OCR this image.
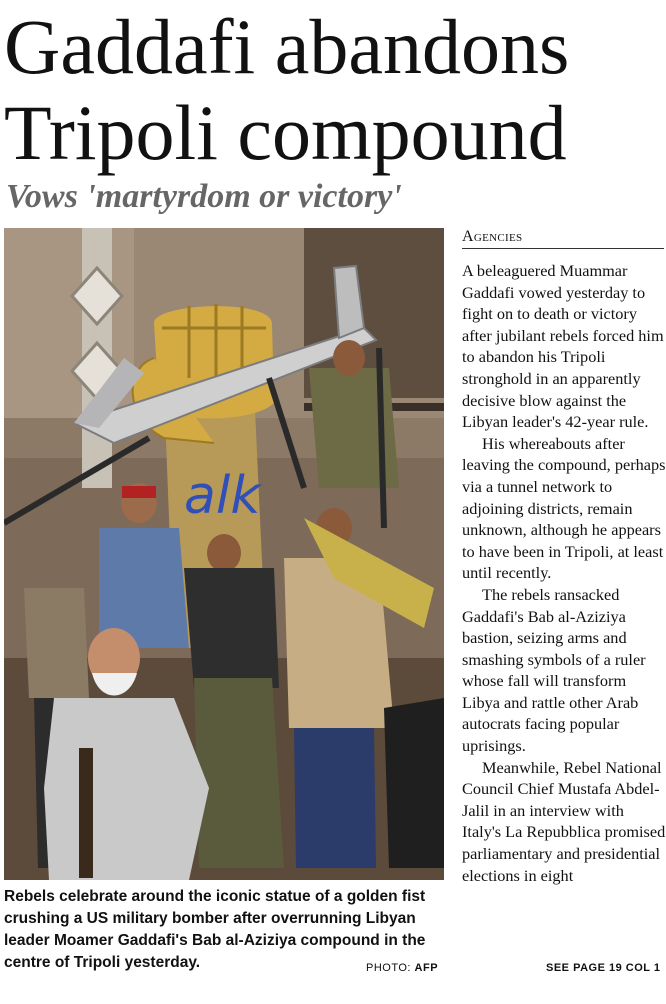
Gaddafi abandons Tripoli compound
Vows 'martyrdom or victory'
alk
Rebels celebrate around the iconic statue of a golden fist crushing a US military bomber after overrunning Libyan leader Moamer Gaddafi's Bab al-Aziziya compound in the centre of Tripoli yesterday.	PHOTO: AFP
Agencies

A beleaguered Muammar Gaddafi vowed yesterday to fight on to death or victory after jubilant rebels forced him to abandon his Tripoli stronghold in an apparently decisive blow against the Libyan leader's 42-year rule.

His whereabouts after leaving the compound, perhaps via a tunnel network to adjoining districts, remain unknown, although he appears to have been in Tripoli, at least until recently.

The rebels ransacked Gaddafi's Bab al-Aziziya bastion, seizing arms and smashing symbols of a ruler whose fall will transform Libya and rattle other Arab autocrats facing popular uprisings.

Meanwhile, Rebel National Council Chief Mustafa Abdel-Jalil in an interview with Italy's La Repubblica promised parliamentary and presidential elections in eight

SEE PAGE 19 COL 1
